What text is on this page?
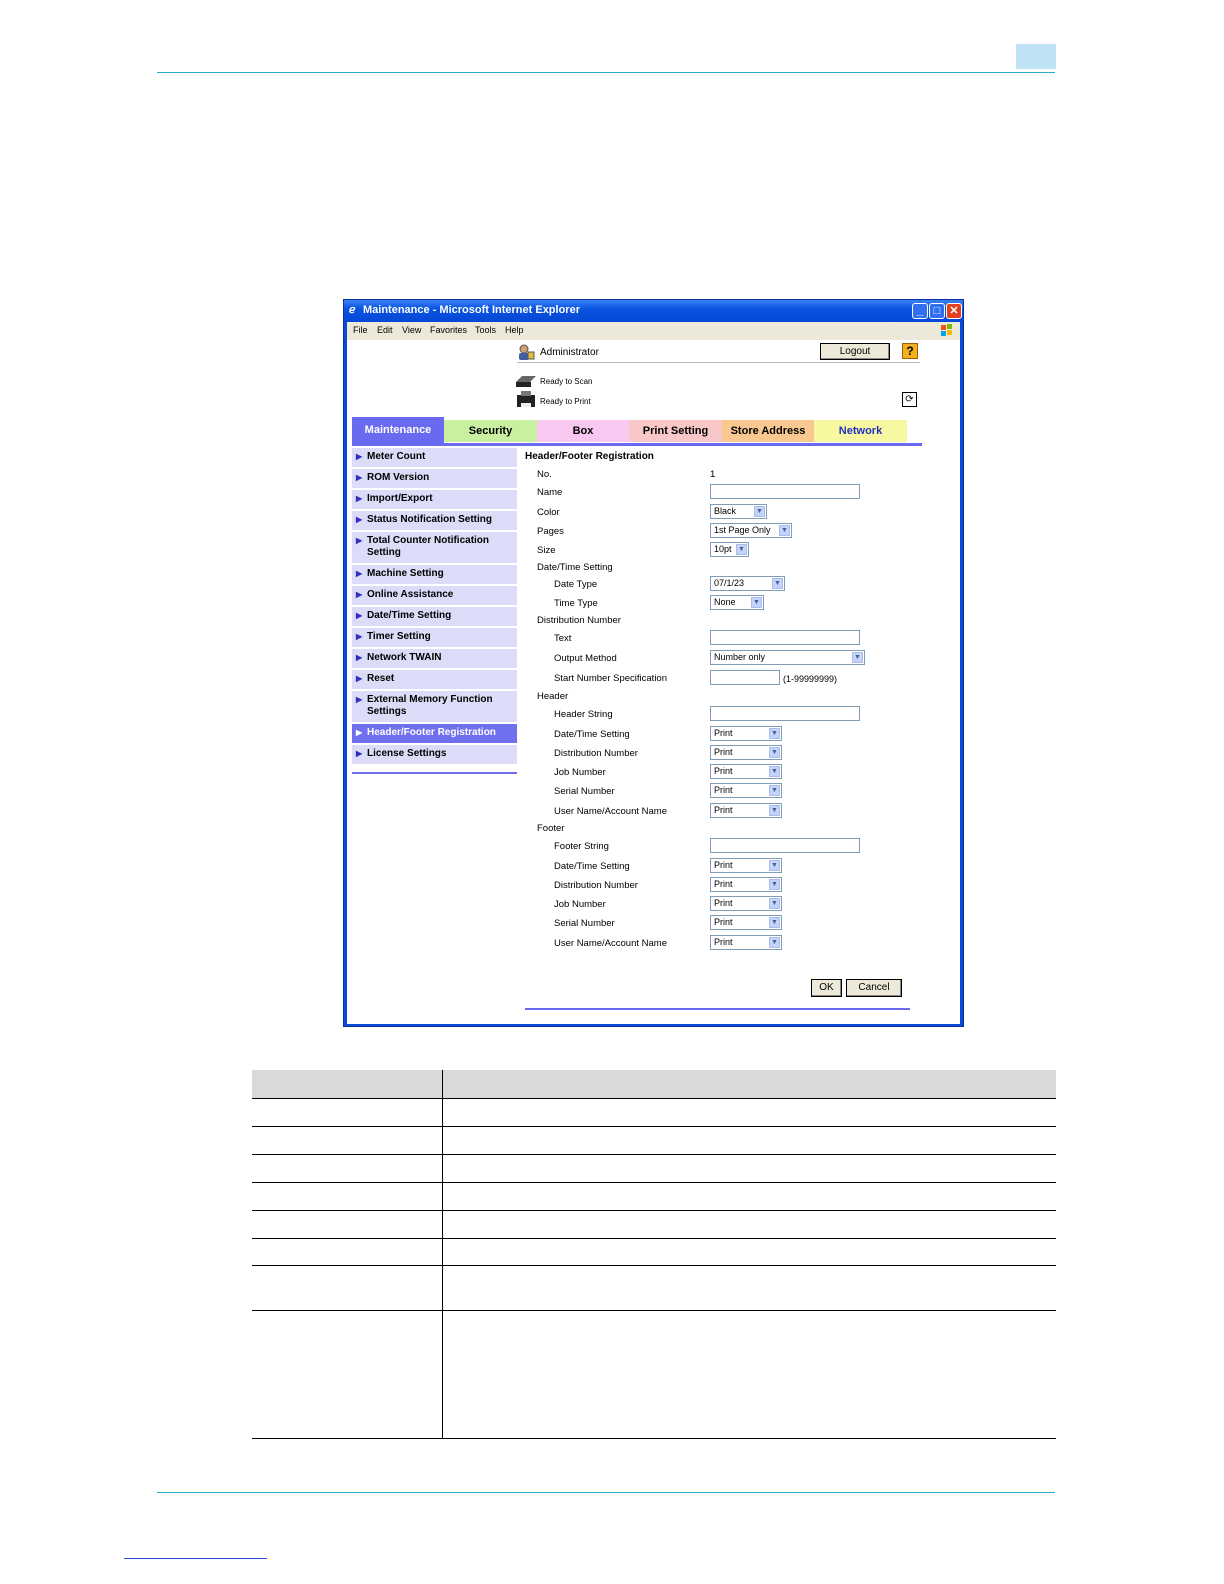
ℯ Maintenance - Microsoft Internet Explorer	_ □ ✕
File Edit View Favorites Tools Help
Administrator	Logout	?
Ready to Scan
Ready to Print	⟳
Maintenance	Security	Box	Print Setting	Store Address	Network
▶ Meter Count
▶ ROM Version
▶ Import/Export
▶ Status Notification Setting
▶ Total Counter Notification Setting
▶ Machine Setting
▶ Online Assistance
▶ Date/Time Setting
▶ Timer Setting
▶ Network TWAIN
▶ Reset
▶ External Memory Function Settings
▶ Header/Footer Registration
▶ License Settings
Header/Footer Registration
No.	1
Name
Color	Black	▼
Pages	1st Page Only ▼
Size	10pt ▼
Date/Time Setting
Date Type	07/1/23	▼
Time Type	None	▼
Distribution Number
Text
Output Method	Number only	▼
Start Number Specification	(1-99999999)
Header
Header String
Date/Time Setting	Print	▼
Distribution Number	Print	▼
Job Number	Print	▼
Serial Number	Print	▼
User Name/Account Name	Print	▼
Footer
Footer String
Date/Time Setting	Print	▼
Distribution Number	Print	▼
Job Number	Print	▼
Serial Number	Print	▼
User Name/Account Name	Print	▼
OK	Cancel
